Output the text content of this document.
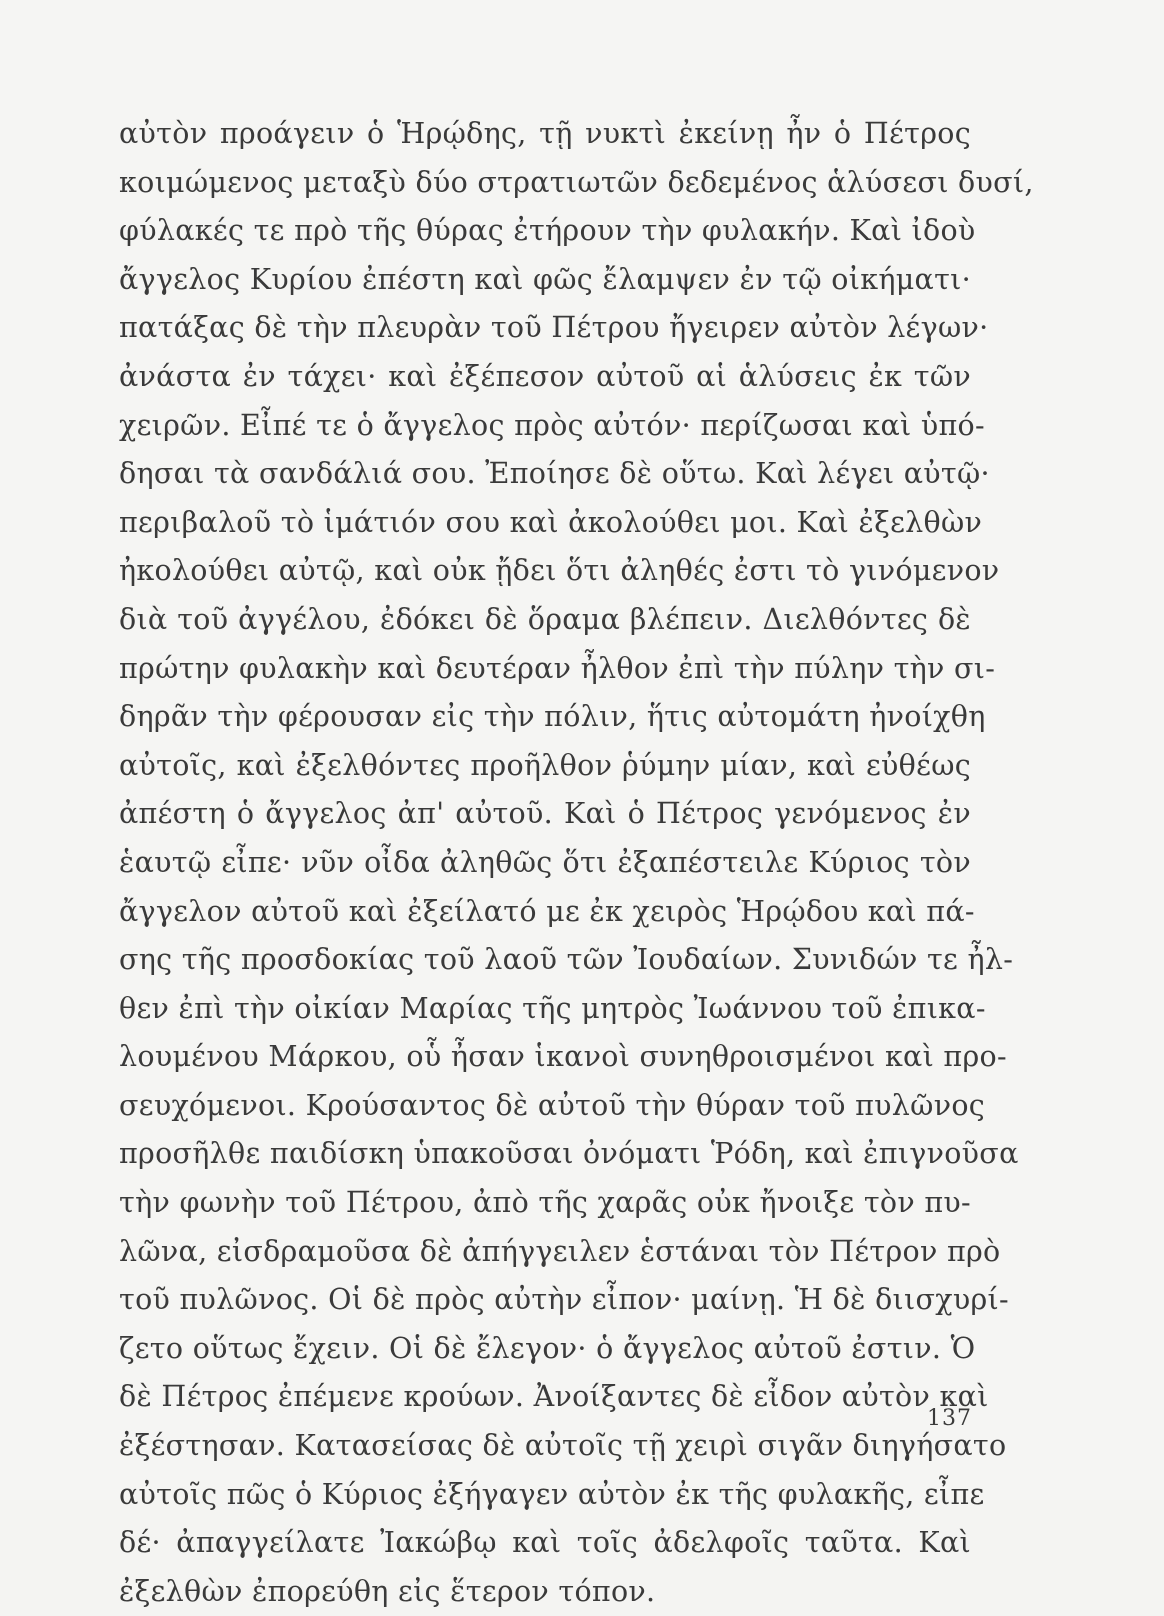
αὐτὸν προάγειν ὁ Ἡρῴδης, τῇ νυκτὶ ἐκείνῃ ἦν ὁ Πέτρος
κοιμώμενος μεταξὺ δύο στρατιωτῶν δεδεμένος ἁλύσεσι δυσί,
φύλακές τε πρὸ τῆς θύρας ἐτήρουν τὴν φυλακήν. Καὶ ἰδοὺ
ἄγγελος Κυρίου ἐπέστη καὶ φῶς ἔλαμψεν ἐν τῷ οἰκήματι·
πατάξας δὲ τὴν πλευρὰν τοῦ Πέτρου ἤγειρεν αὐτὸν λέγων·
ἀνάστα ἐν τάχει· καὶ ἐξέπεσον αὐτοῦ αἱ ἁλύσεις ἐκ τῶν
χειρῶν. Εἶπέ τε ὁ ἄγγελος πρὸς αὐτόν· περίζωσαι καὶ ὑπό-
δησαι τὰ σανδάλιά σου. Ἐποίησε δὲ οὕτω. Καὶ λέγει αὐτῷ·
περιβαλοῦ τὸ ἱμάτιόν σου καὶ ἀκολούθει μοι. Καὶ ἐξελθὼν
ἠκολούθει αὐτῷ, καὶ οὐκ ᾔδει ὅτι ἀληθές ἐστι τὸ γινόμενον
διὰ τοῦ ἀγγέλου, ἐδόκει δὲ ὅραμα βλέπειν. Διελθόντες δὲ
πρώτην φυλακὴν καὶ δευτέραν ἦλθον ἐπὶ τὴν πύλην τὴν σι-
δηρᾶν τὴν φέρουσαν εἰς τὴν πόλιν, ἥτις αὐτομάτη ἠνοίχθη
αὐτοῖς, καὶ ἐξελθόντες προῆλθον ῥύμην μίαν, καὶ εὐθέως
ἀπέστη ὁ ἄγγελος ἀπ' αὐτοῦ. Καὶ ὁ Πέτρος γενόμενος ἐν
ἑαυτῷ εἶπε· νῦν οἶδα ἀληθῶς ὅτι ἐξαπέστειλε Κύριος τὸν
ἄγγελον αὐτοῦ καὶ ἐξείλατό με ἐκ χειρὸς Ἡρῴδου καὶ πά-
σης τῆς προσδοκίας τοῦ λαοῦ τῶν Ἰουδαίων. Συνιδών τε ἦλ-
θεν ἐπὶ τὴν οἰκίαν Μαρίας τῆς μητρὸς Ἰωάννου τοῦ ἐπικα-
λουμένου Μάρκου, οὗ ἦσαν ἱκανοὶ συνηθροισμένοι καὶ προ-
σευχόμενοι. Κρούσαντος δὲ αὐτοῦ τὴν θύραν τοῦ πυλῶνος
προσῆλθε παιδίσκη ὑπακοῦσαι ὀνόματι Ῥόδη, καὶ ἐπιγνοῦσα
τὴν φωνὴν τοῦ Πέτρου, ἀπὸ τῆς χαρᾶς οὐκ ἤνοιξε τὸν πυ-
λῶνα, εἰσδραμοῦσα δὲ ἀπήγγειλεν ἑστάναι τὸν Πέτρον πρὸ
τοῦ πυλῶνος. Οἱ δὲ πρὸς αὐτὴν εἶπον· μαίνῃ. Ἡ δὲ διισχυρί-
ζετο οὕτως ἔχειν. Οἱ δὲ ἔλεγον· ὁ ἄγγελος αὐτοῦ ἐστιν. Ὁ
δὲ Πέτρος ἐπέμενε κρούων. Ἀνοίξαντες δὲ εἶδον αὐτὸν καὶ
ἐξέστησαν. Κατασείσας δὲ αὐτοῖς τῇ χειρὶ σιγᾶν διηγήσατο
αὐτοῖς πῶς ὁ Κύριος ἐξήγαγεν αὐτὸν ἐκ τῆς φυλακῆς, εἶπε
δέ· ἀπαγγείλατε Ἰακώβῳ καὶ τοῖς ἀδελφοῖς ταῦτα. Καὶ
ἐξελθὼν ἐπορεύθη εἰς ἕτερον τόπον.
137
